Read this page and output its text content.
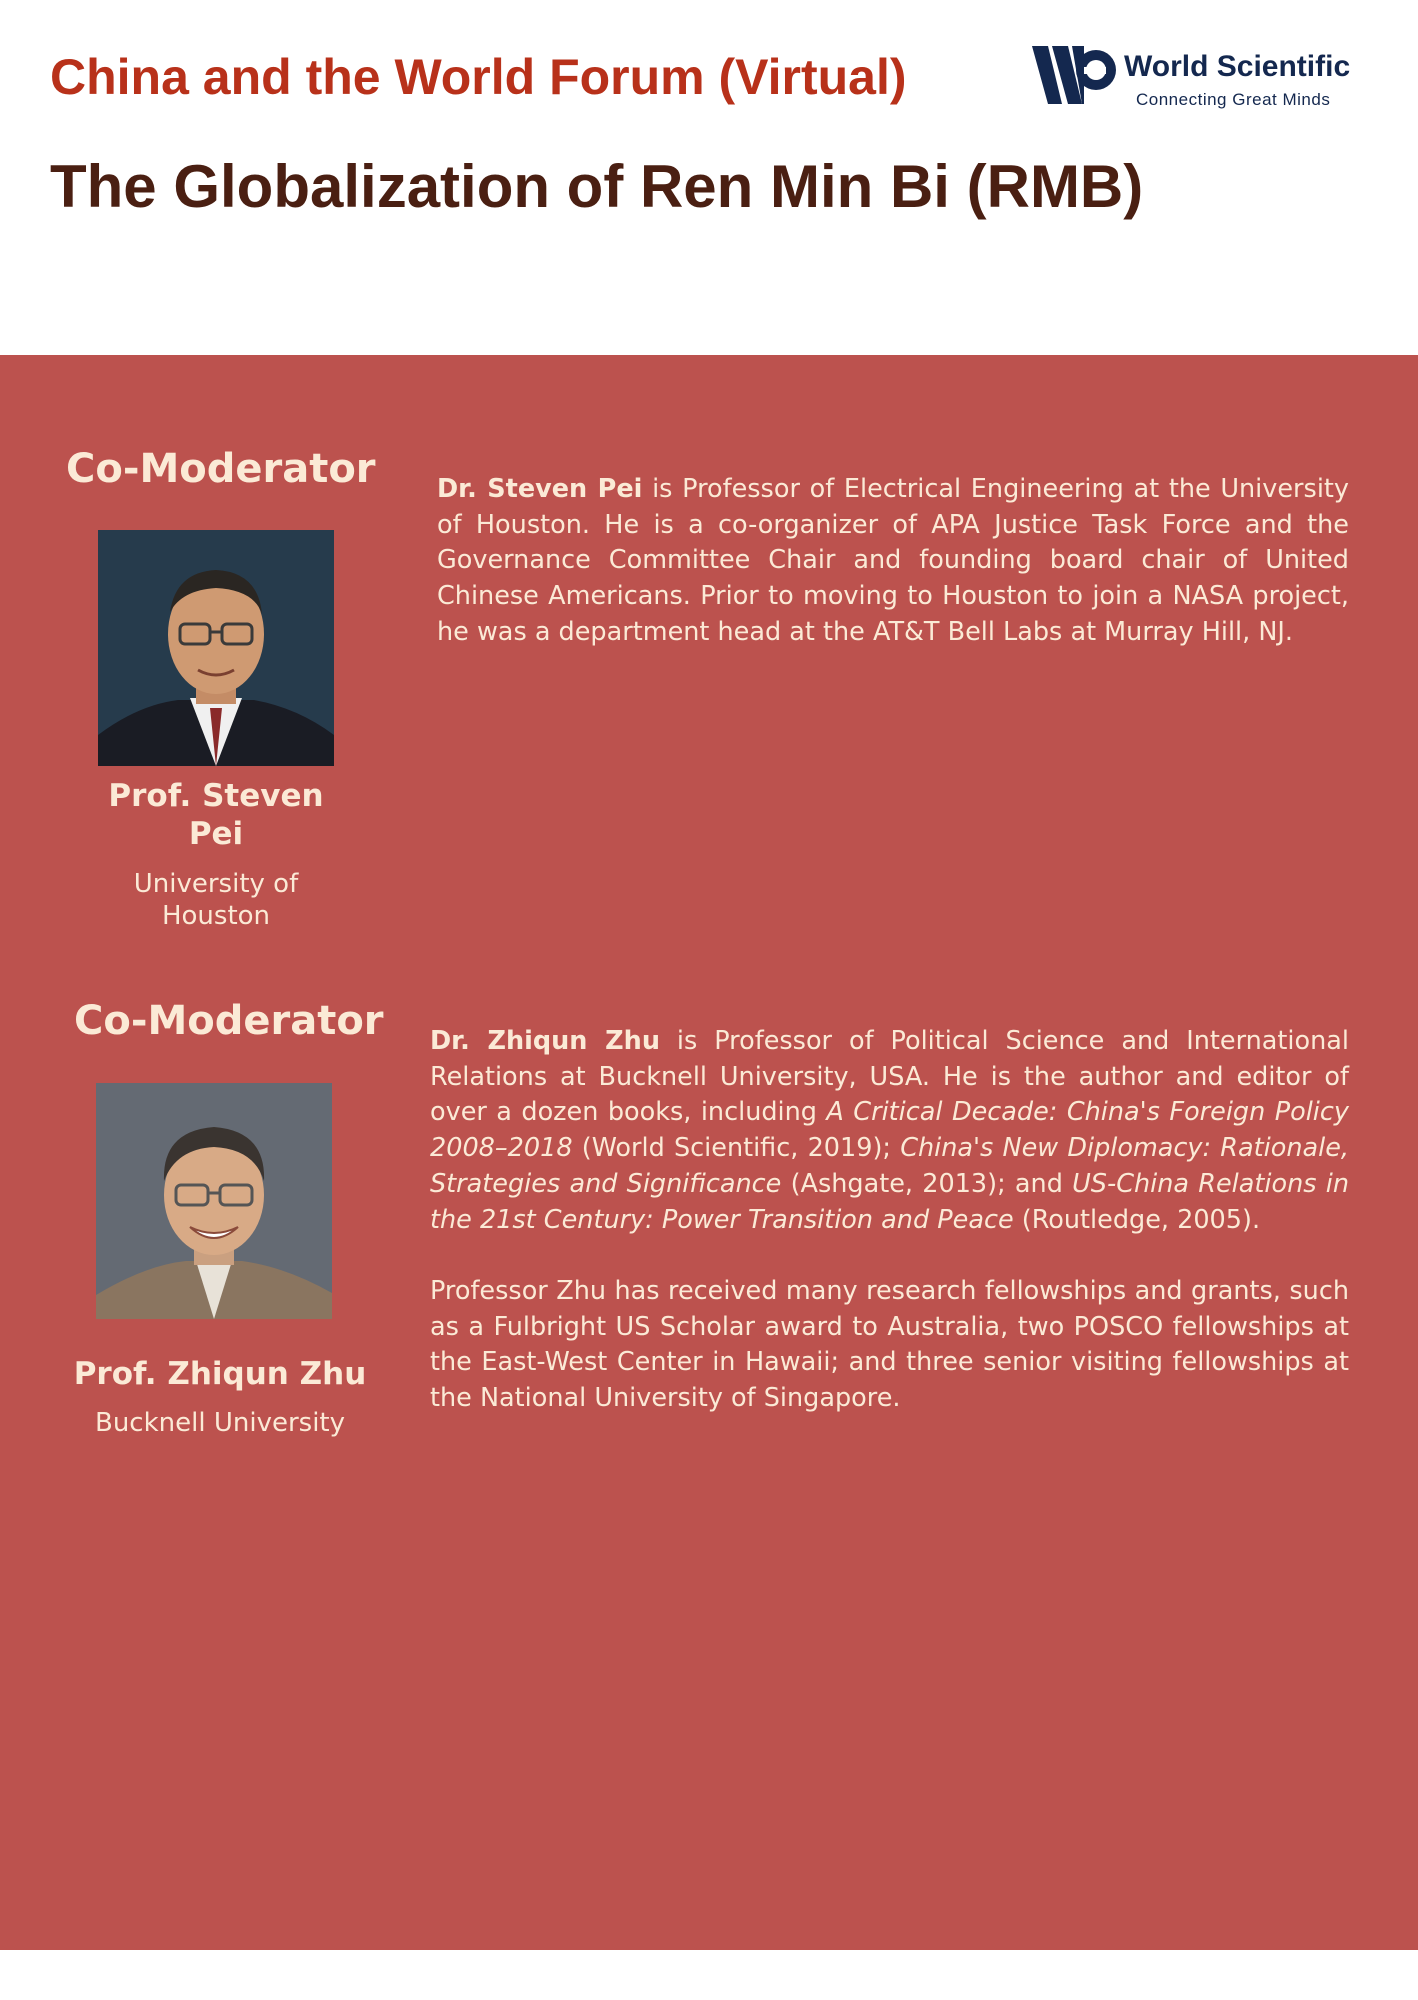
China and the World Forum (Virtual)
The Globalization of Ren Min Bi (RMB)
World Scientific
Connecting Great Minds
Co-Moderator
Prof. Steven
Pei
University of
Houston

Dr. Steven Pei is Professor of Electrical Engineering at the University of Houston. He is a co-organizer of APA Justice Task Force and the Governance Committee Chair and founding board chair of United Chinese Americans. Prior to moving to Houston to join a NASA project, he was a department head at the AT&T Bell Labs at Murray Hill, NJ.

Co-Moderator
Prof. Zhiqun Zhu
Bucknell University

Dr. Zhiqun Zhu is Professor of Political Science and International Relations at Bucknell University, USA. He is the author and editor of over a dozen books, including A Critical Decade: China's Foreign Policy 2008–2018 (World Scientific, 2019); China's New Diplomacy: Rationale, Strategies and Significance (Ashgate, 2013); and US-China Relations in the 21st Century: Power Transition and Peace (Routledge, 2005).

Professor Zhu has received many research fellowships and grants, such as a Fulbright US Scholar award to Australia, two POSCO fellowships at the East-West Center in Hawaii; and three senior visiting fellowships at the National University of Singapore.
